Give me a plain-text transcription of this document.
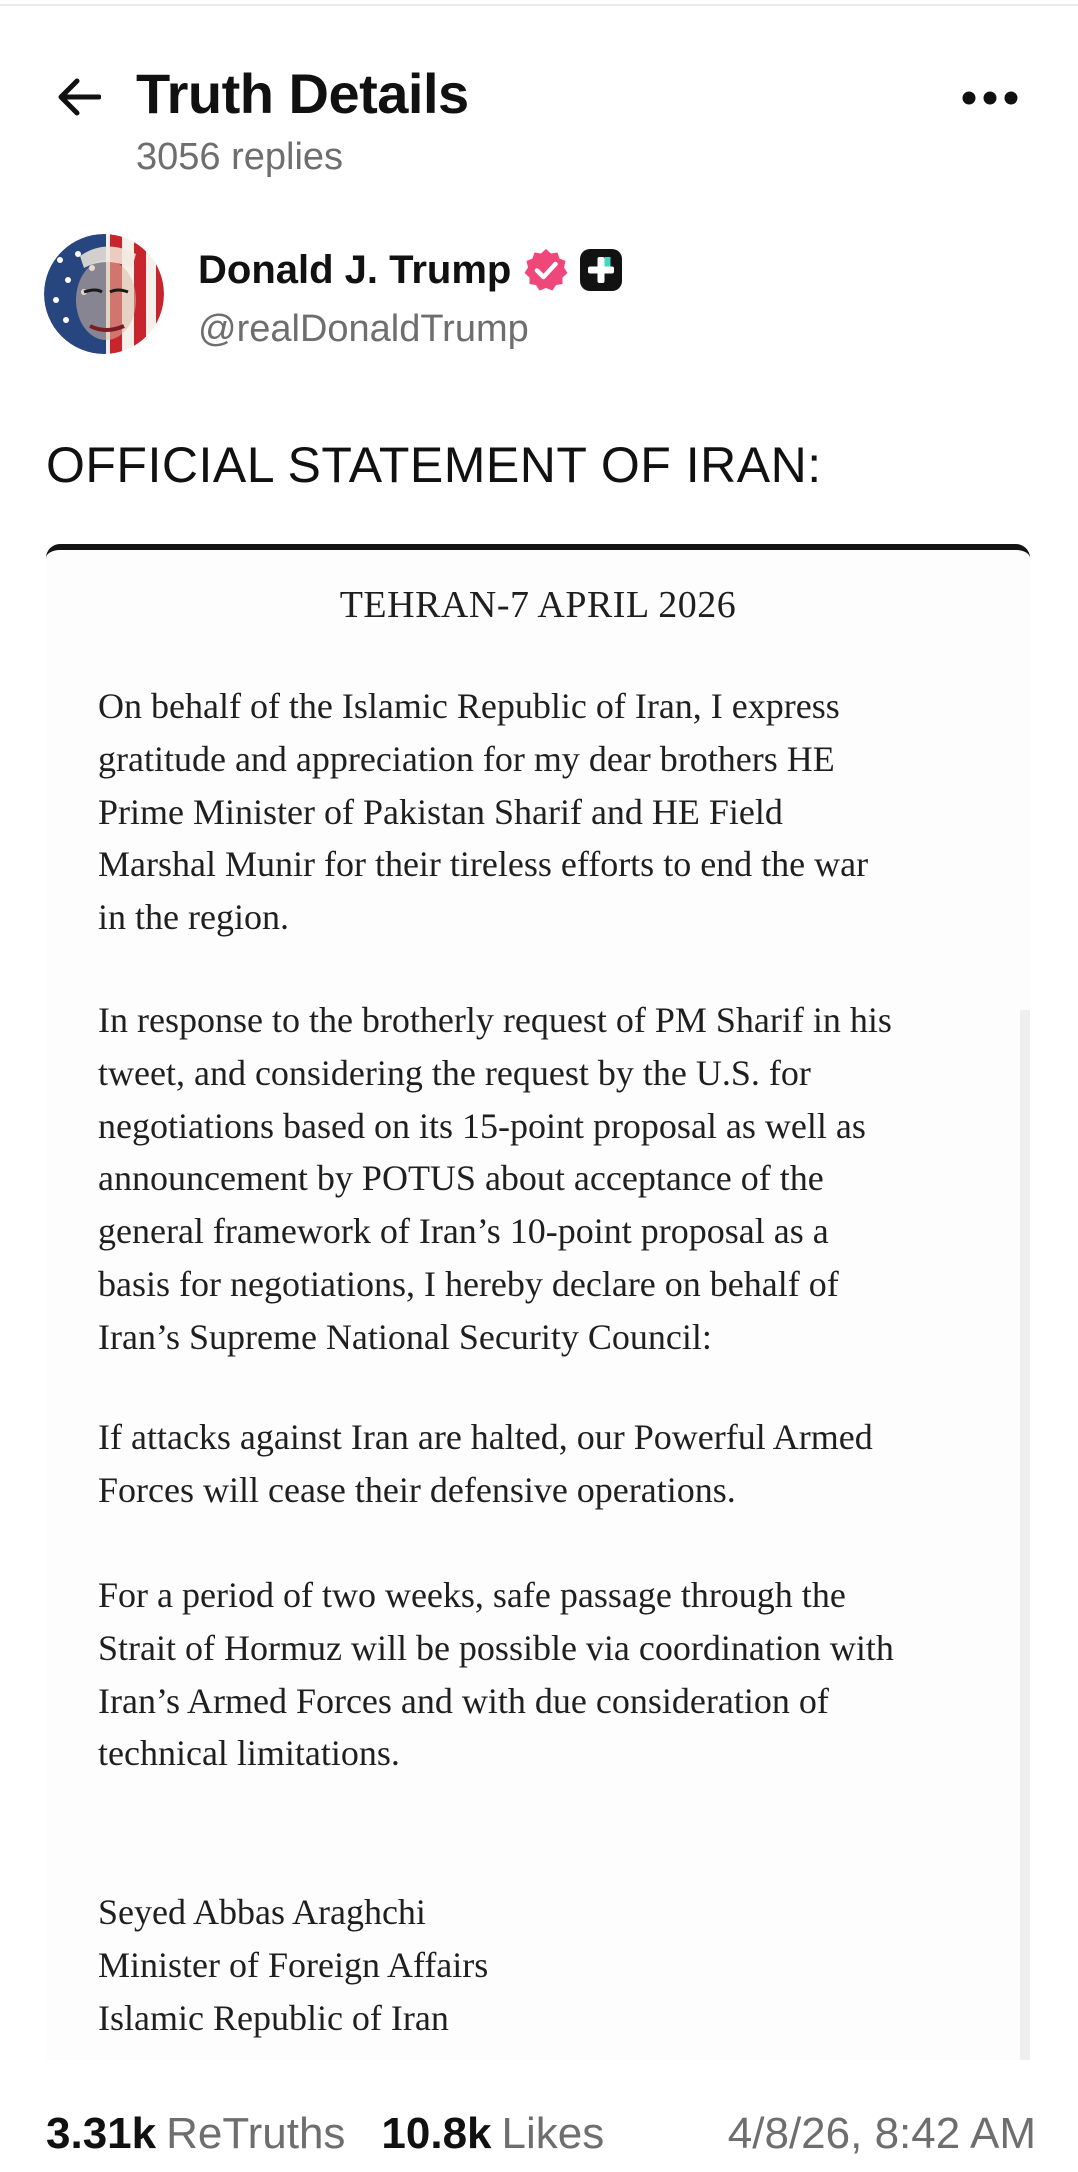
Truth Details
3056 replies
Donald J. Trump
@realDonaldTrump
OFFICIAL STATEMENT OF IRAN:
TEHRAN-7 APRIL 2026
On behalf of the Islamic Republic of Iran, I express
gratitude and appreciation for my dear brothers HE
Prime Minister of Pakistan Sharif and HE Field
Marshal Munir for their tireless efforts to end the war
in the region.
In response to the brotherly request of PM Sharif in his
tweet, and considering the request by the U.S. for
negotiations based on its 15-point proposal as well as
announcement by POTUS about acceptance of the
general framework of Iran’s 10-point proposal as a
basis for negotiations, I hereby declare on behalf of
Iran’s Supreme National Security Council:
If attacks against Iran are halted, our Powerful Armed
Forces will cease their defensive operations.
For a period of two weeks, safe passage through the
Strait of Hormuz will be possible via coordination with
Iran’s Armed Forces and with due consideration of
technical limitations.
Seyed Abbas Araghchi
Minister of Foreign Affairs
Islamic Republic of Iran
3.31k ReTruths 10.8k Likes	4/8/26, 8:42 AM
